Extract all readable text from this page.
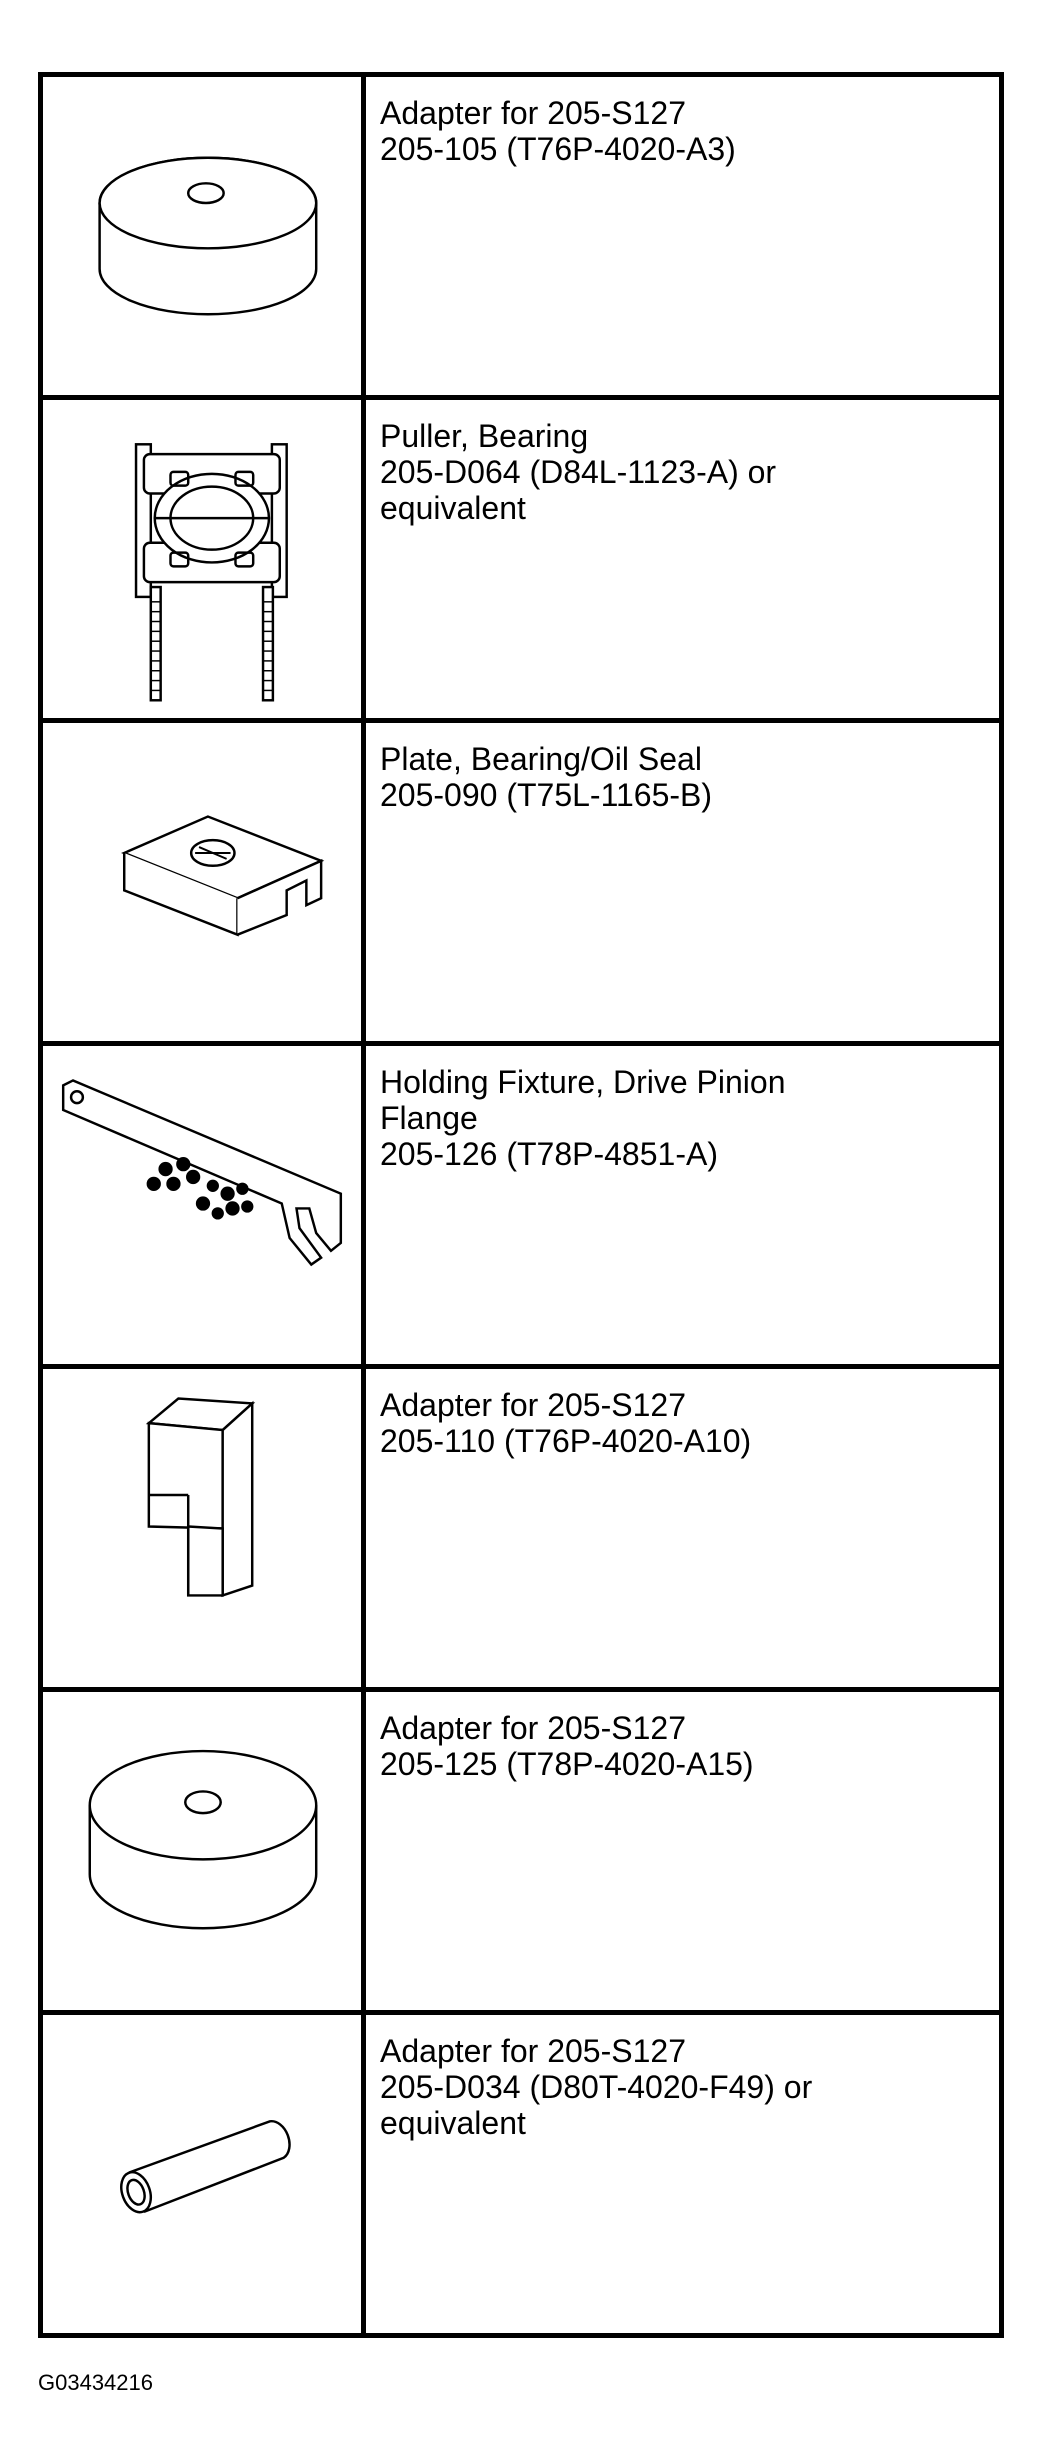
Adapter for 205-S127
205-105 (T76P-4020-A3)

Puller, Bearing
205-D064 (D84L-1123-A) or
equivalent

Plate, Bearing/Oil Seal
205-090 (T75L-1165-B)

Holding Fixture, Drive Pinion
Flange
205-126 (T78P-4851-A)

Adapter for 205-S127
205-110 (T76P-4020-A10)

Adapter for 205-S127
205-125 (T78P-4020-A15)

Adapter for 205-S127
205-D034 (D80T-4020-F49) or
equivalent
G03434216
